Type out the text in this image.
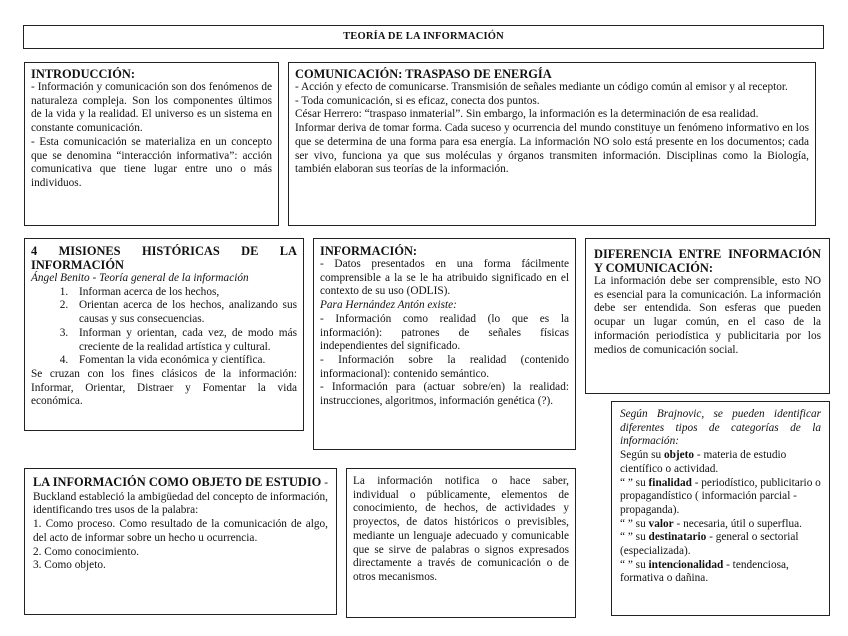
TEORÍA DE LA INFORMACIÓN
INTRODUCCIÓN:

- Información y comunicación son dos fenómenos de naturaleza compleja. Son los componentes últimos de la vida y la realidad. El universo es un sistema en constante comunicación.

- Esta comunicación se materializa en un concepto que se denomina “interacción informativa”: acción comunicativa que tiene lugar entre uno o más individuos.

COMUNICACIÓN: TRASPASO DE ENERGÍA

- Acción y efecto de comunicarse. Transmisión de señales mediante un código común al emisor y al receptor.

- Toda comunicación, si es eficaz, conecta dos puntos.

César Herrero: “traspaso inmaterial”. Sin embargo, la información es la determinación de esa realidad.

Informar deriva de tomar forma. Cada suceso y ocurrencia del mundo constituye un fenómeno informativo en los que se determina de una forma para esa energía. La información NO solo está presente en los documentos; cada ser vivo, funciona ya que sus moléculas y órganos transmiten información. Disciplinas como la Biología, también elaboran sus teorías de la información.

4 MISIONES HISTÓRICAS DE LA INFORMACIÓN

Ángel Benito - Teoría general de la información

1. Informan acerca de los hechos,
2. Orientan acerca de los hechos, analizando sus causas y sus consecuencias.
3. Informan y orientan, cada vez, de modo más creciente de la realidad artística y cultural.
4. Fomentan la vida económica y científica.

Se cruzan con los fines clásicos de la información: Informar, Orientar, Distraer y Fomentar la vida económica.

INFORMACIÓN:

- Datos presentados en una forma fácilmente comprensible a la se le ha atribuido significado en el contexto de su uso (ODLIS).

Para Hernández Antón existe:

- Información como realidad (lo que es la información): patrones de señales físicas independientes del significado.

- Información sobre la realidad (contenido informacional): contenido semántico.

- Información para (actuar sobre/en) la realidad: instrucciones, algoritmos, información genética (?).

DIFERENCIA ENTRE INFORMACIÓN Y COMUNICACIÓN:

La información debe ser comprensible, esto NO es esencial para la comunicación. La información debe ser entendida. Son esferas que pueden ocupar un lugar común, en el caso de la información periodística y publicitaria por los medios de comunicación social.

LA INFORMACIÓN COMO OBJETO DE ESTUDIO - Buckland estableció la ambigüedad del concepto de información, identificando tres usos de la palabra:

1. Como proceso. Como resultado de la comunicación de algo, del acto de informar sobre un hecho u ocurrencia.

2. Como conocimiento.

3. Como objeto.

La información notifica o hace saber, individual o públicamente, elementos de conocimiento, de hechos, de actividades y proyectos, de datos históricos o previsibles, mediante un lenguaje adecuado y comunicable que se sirve de palabras o signos expresados directamente a través de comunicación o de otros mecanismos.

Según Brajnovic, se pueden identificar diferentes tipos de categorías de la información:

Según su objeto - materia de estudio científico o actividad.

“ ” su finalidad - periodístico, publicitario o propagandístico ( información parcial - propaganda).

“ ” su valor - necesaria, útil o superflua.

“ ” su destinatario - general o sectorial (especializada).

“ ” su intencionalidad - tendenciosa, formativa o dañina.
